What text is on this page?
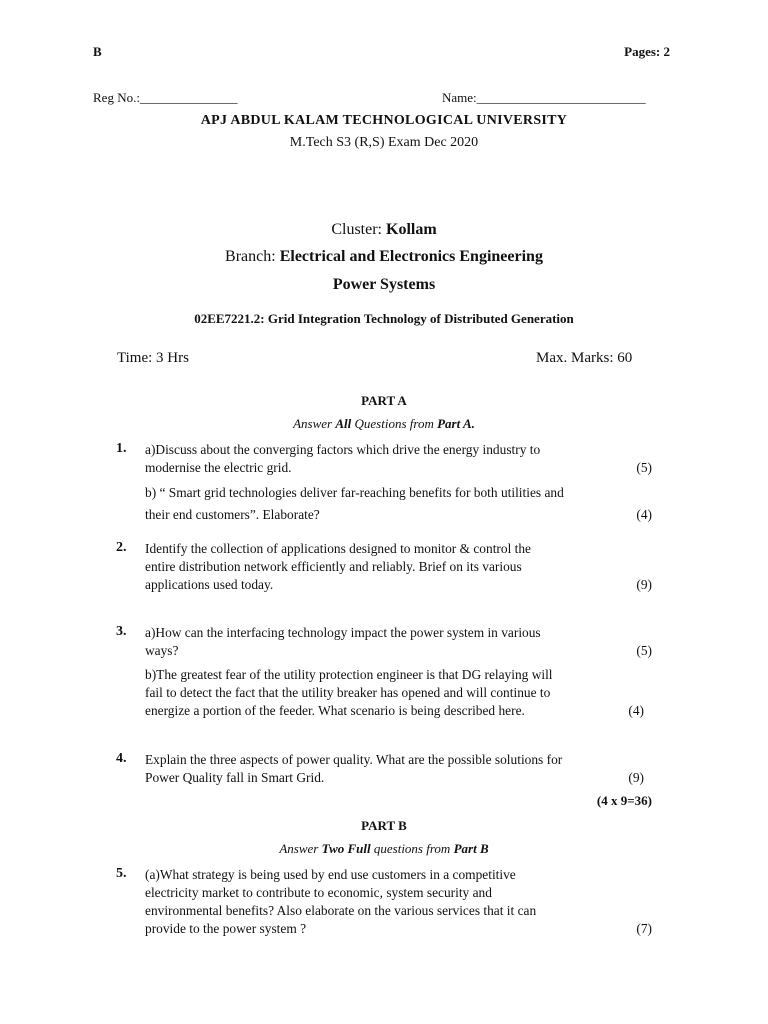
B	Pages: 2
Reg No.:_______________	Name:__________________________
APJ ABDUL KALAM TECHNOLOGICAL UNIVERSITY
M.Tech S3 (R,S) Exam Dec 2020
Cluster: Kollam
Branch: Electrical and Electronics Engineering
Power Systems
02EE7221.2: Grid Integration Technology of Distributed Generation
Time: 3 Hrs	Max. Marks: 60
PART A
Answer All Questions from Part A.
1. a)Discuss about the converging factors which drive the energy industry to
modernise the electric grid.	(5)
b) “ Smart grid technologies deliver far-reaching benefits for both utilities and
their end customers”. Elaborate?	(4)
2. Identify the collection of applications designed to monitor & control the
entire distribution network efficiently and reliably. Brief on its various
applications used today.	(9)
3. a)How can the interfacing technology impact the power system in various
ways?	(5)
b)The greatest fear of the utility protection engineer is that DG relaying will
fail to detect the fact that the utility breaker has opened and will continue to
energize a portion of the feeder. What scenario is being described here.	(4)
4. Explain the three aspects of power quality. What are the possible solutions for
Power Quality fall in Smart Grid.	(9)
(4 x 9=36)
PART B
Answer Two Full questions from Part B
5. (a)What strategy is being used by end use customers in a competitive
electricity market to contribute to economic, system security and
environmental benefits? Also elaborate on the various services that it can
provide to the power system ?	(7)
